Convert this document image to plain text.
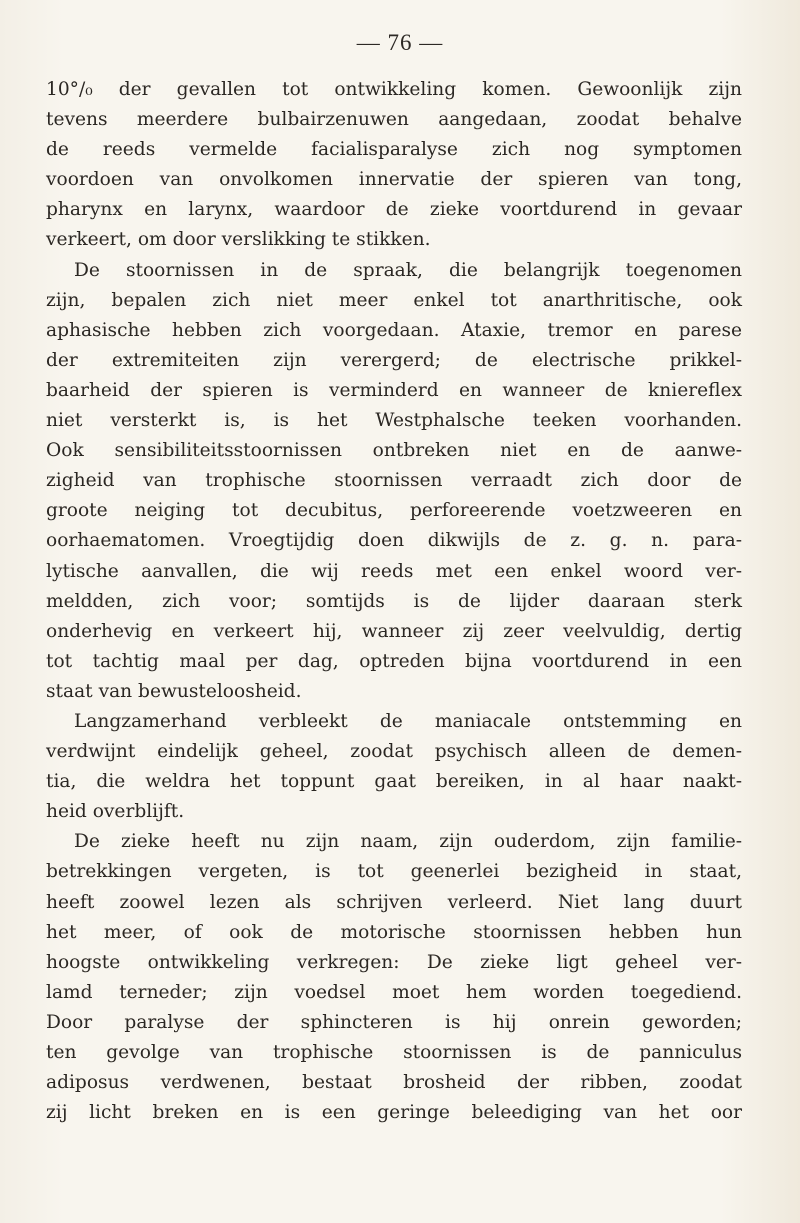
— 76 —
10°/₀ der gevallen tot ontwikkeling komen. Gewoonlijk zijn
tevens meerdere bulbairzenuwen aangedaan, zoodat behalve
de reeds vermelde facialisparalyse zich nog symptomen
voordoen van onvolkomen innervatie der spieren van tong,
pharynx en larynx, waardoor de zieke voortdurend in gevaar
verkeert, om door verslikking te stikken.
De stoornissen in de spraak, die belangrijk toegenomen
zijn, bepalen zich niet meer enkel tot anarthritische, ook
aphasische hebben zich voorgedaan. Ataxie, tremor en parese
der extremiteiten zijn verergerd; de electrische prikkel-
baarheid der spieren is verminderd en wanneer de kniereflex
niet versterkt is, is het Westphalsche teeken voorhanden.
Ook sensibiliteitsstoornissen ontbreken niet en de aanwe-
zigheid van trophische stoornissen verraadt zich door de
groote neiging tot decubitus, perforeerende voetzweeren en
oorhaematomen. Vroegtijdig doen dikwijls de z. g. n. para-
lytische aanvallen, die wij reeds met een enkel woord ver-
meldden, zich voor; somtijds is de lijder daaraan sterk
onderhevig en verkeert hij, wanneer zij zeer veelvuldig, dertig
tot tachtig maal per dag, optreden bijna voortdurend in een
staat van bewusteloosheid.
Langzamerhand verbleekt de maniacale ontstemming en
verdwijnt eindelijk geheel, zoodat psychisch alleen de demen-
tia, die weldra het toppunt gaat bereiken, in al haar naakt-
heid overblijft.
De zieke heeft nu zijn naam, zijn ouderdom, zijn familie-
betrekkingen vergeten, is tot geenerlei bezigheid in staat,
heeft zoowel lezen als schrijven verleerd. Niet lang duurt
het meer, of ook de motorische stoornissen hebben hun
hoogste ontwikkeling verkregen: De zieke ligt geheel ver-
lamd terneder; zijn voedsel moet hem worden toegediend.
Door paralyse der sphincteren is hij onrein geworden;
ten gevolge van trophische stoornissen is de panniculus
adiposus verdwenen, bestaat brosheid der ribben, zoodat
zij licht breken en is een geringe beleediging van het oor
